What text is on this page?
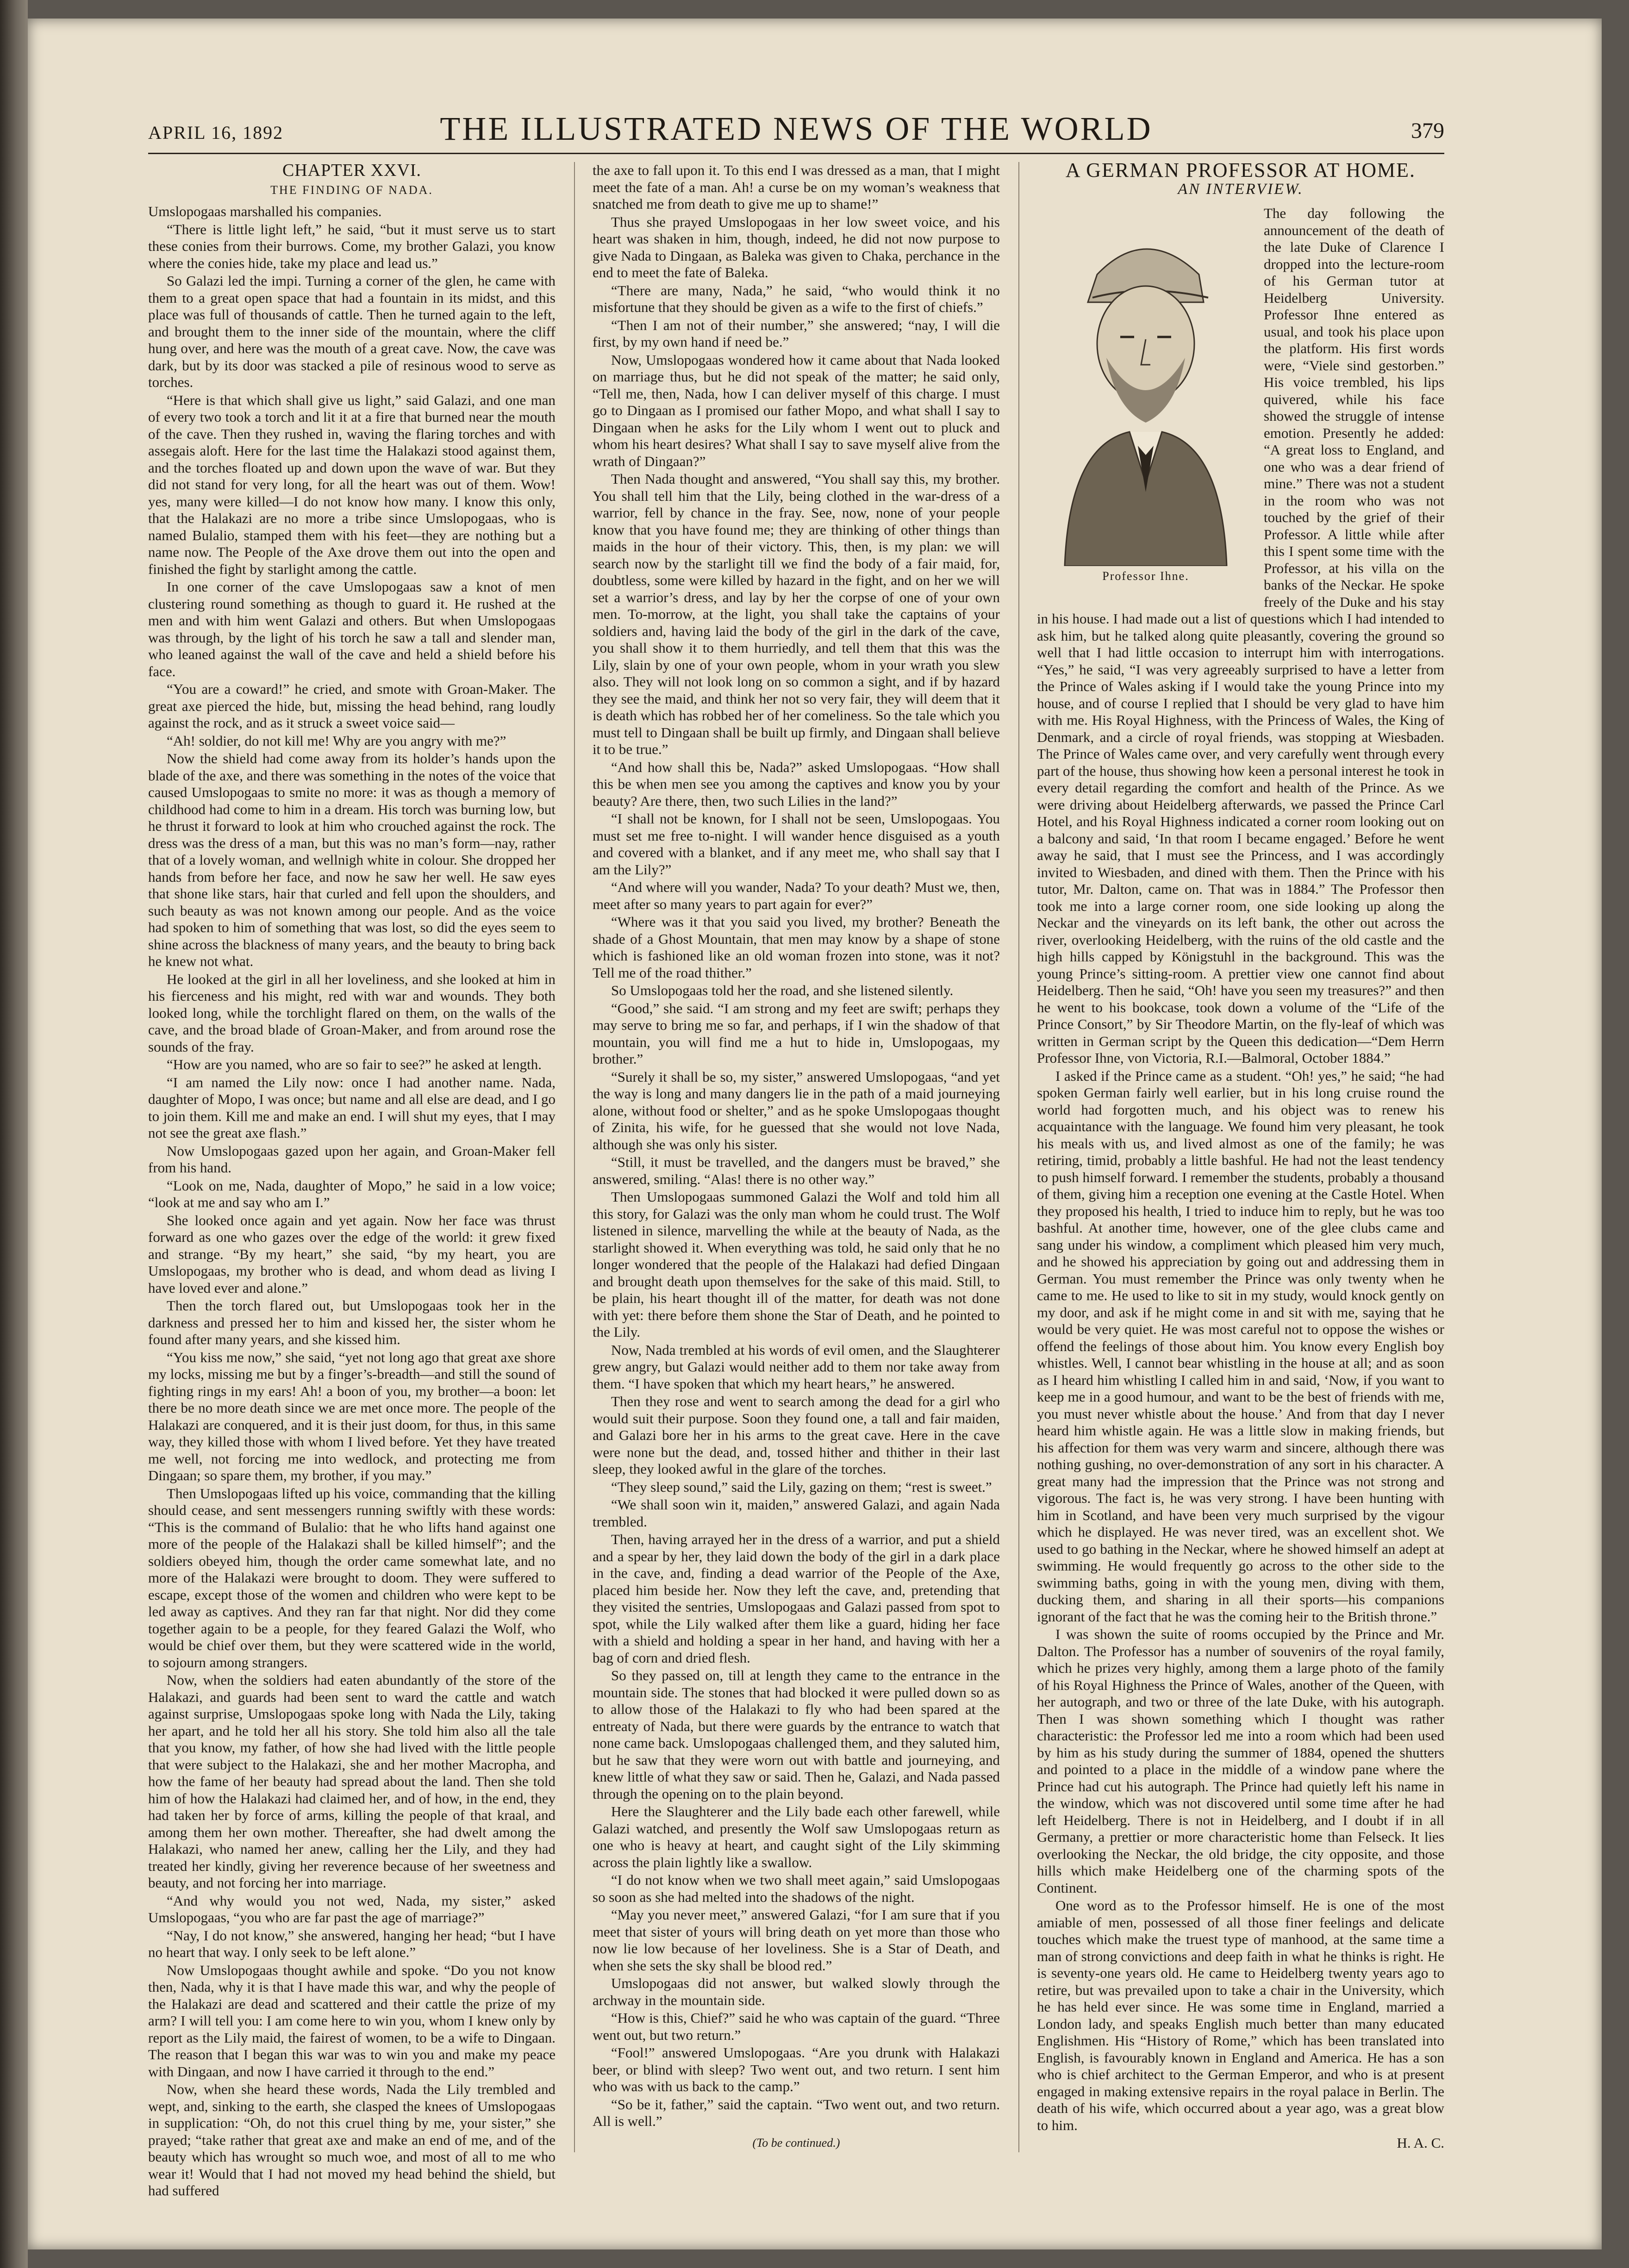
APRIL 16, 1892	THE ILLUSTRATED NEWS OF THE WORLD	379
CHAPTER XXVI.
THE FINDING OF NADA.

Umslopogaas marshalled his companies.

“There is little light left,” he said, “but it must serve us to start these conies from their burrows. Come, my brother Galazi, you know where the conies hide, take my place and lead us.”

So Galazi led the impi. Turning a corner of the glen, he came with them to a great open space that had a fountain in its midst, and this place was full of thousands of cattle. Then he turned again to the left, and brought them to the inner side of the mountain, where the cliff hung over, and here was the mouth of a great cave. Now, the cave was dark, but by its door was stacked a pile of resinous wood to serve as torches.

“Here is that which shall give us light,” said Galazi, and one man of every two took a torch and lit it at a fire that burned near the mouth of the cave. Then they rushed in, waving the flaring torches and with assegais aloft. Here for the last time the Halakazi stood against them, and the torches floated up and down upon the wave of war. But they did not stand for very long, for all the heart was out of them. Wow! yes, many were killed—I do not know how many. I know this only, that the Halakazi are no more a tribe since Umslopogaas, who is named Bulalio, stamped them with his feet—they are nothing but a name now. The People of the Axe drove them out into the open and finished the fight by starlight among the cattle.

In one corner of the cave Umslopogaas saw a knot of men clustering round something as though to guard it. He rushed at the men and with him went Galazi and others. But when Umslopogaas was through, by the light of his torch he saw a tall and slender man, who leaned against the wall of the cave and held a shield before his face.

“You are a coward!” he cried, and smote with Groan-Maker. The great axe pierced the hide, but, missing the head behind, rang loudly against the rock, and as it struck a sweet voice said—

“Ah! soldier, do not kill me! Why are you angry with me?”

Now the shield had come away from its holder’s hands upon the blade of the axe, and there was something in the notes of the voice that caused Umslopogaas to smite no more: it was as though a memory of childhood had come to him in a dream. His torch was burning low, but he thrust it forward to look at him who crouched against the rock. The dress was the dress of a man, but this was no man’s form—nay, rather that of a lovely woman, and wellnigh white in colour. She dropped her hands from before her face, and now he saw her well. He saw eyes that shone like stars, hair that curled and fell upon the shoulders, and such beauty as was not known among our people. And as the voice had spoken to him of something that was lost, so did the eyes seem to shine across the blackness of many years, and the beauty to bring back he knew not what.

He looked at the girl in all her loveliness, and she looked at him in his fierceness and his might, red with war and wounds. They both looked long, while the torchlight flared on them, on the walls of the cave, and the broad blade of Groan-Maker, and from around rose the sounds of the fray.

“How are you named, who are so fair to see?” he asked at length.

“I am named the Lily now: once I had another name. Nada, daughter of Mopo, I was once; but name and all else are dead, and I go to join them. Kill me and make an end. I will shut my eyes, that I may not see the great axe flash.”

Now Umslopogaas gazed upon her again, and Groan-Maker fell from his hand.

“Look on me, Nada, daughter of Mopo,” he said in a low voice; “look at me and say who am I.”

She looked once again and yet again. Now her face was thrust forward as one who gazes over the edge of the world: it grew fixed and strange. “By my heart,” she said, “by my heart, you are Umslopogaas, my brother who is dead, and whom dead as living I have loved ever and alone.”

Then the torch flared out, but Umslopogaas took her in the darkness and pressed her to him and kissed her, the sister whom he found after many years, and she kissed him.

“You kiss me now,” she said, “yet not long ago that great axe shore my locks, missing me but by a finger’s-breadth—and still the sound of fighting rings in my ears! Ah! a boon of you, my brother—a boon: let there be no more death since we are met once more. The people of the Halakazi are conquered, and it is their just doom, for thus, in this same way, they killed those with whom I lived before. Yet they have treated me well, not forcing me into wedlock, and protecting me from Dingaan; so spare them, my brother, if you may.”

Then Umslopogaas lifted up his voice, commanding that the killing should cease, and sent messengers running swiftly with these words: “This is the command of Bulalio: that he who lifts hand against one more of the people of the Halakazi shall be killed himself”; and the soldiers obeyed him, though the order came somewhat late, and no more of the Halakazi were brought to doom. They were suffered to escape, except those of the women and children who were kept to be led away as captives. And they ran far that night. Nor did they come together again to be a people, for they feared Galazi the Wolf, who would be chief over them, but they were scattered wide in the world, to sojourn among strangers.

Now, when the soldiers had eaten abundantly of the store of the Halakazi, and guards had been sent to ward the cattle and watch against surprise, Umslopogaas spoke long with Nada the Lily, taking her apart, and he told her all his story. She told him also all the tale that you know, my father, of how she had lived with the little people that were subject to the Halakazi, she and her mother Macropha, and how the fame of her beauty had spread about the land. Then she told him of how the Halakazi had claimed her, and of how, in the end, they had taken her by force of arms, killing the people of that kraal, and among them her own mother. Thereafter, she had dwelt among the Halakazi, who named her anew, calling her the Lily, and they had treated her kindly, giving her reverence because of her sweetness and beauty, and not forcing her into marriage.

“And why would you not wed, Nada, my sister,” asked Umslopogaas, “you who are far past the age of marriage?”

“Nay, I do not know,” she answered, hanging her head; “but I have no heart that way. I only seek to be left alone.”

Now Umslopogaas thought awhile and spoke. “Do you not know then, Nada, why it is that I have made this war, and why the people of the Halakazi are dead and scattered and their cattle the prize of my arm? I will tell you: I am come here to win you, whom I knew only by report as the Lily maid, the fairest of women, to be a wife to Dingaan. The reason that I began this war was to win you and make my peace with Dingaan, and now I have carried it through to the end.”

Now, when she heard these words, Nada the Lily trembled and wept, and, sinking to the earth, she clasped the knees of Umslopogaas in supplication: “Oh, do not this cruel thing by me, your sister,” she prayed; “take rather that great axe and make an end of me, and of the beauty which has wrought so much woe, and most of all to me who wear it! Would that I had not moved my head behind the shield, but had suffered

the axe to fall upon it. To this end I was dressed as a man, that I might meet the fate of a man. Ah! a curse be on my woman’s weakness that snatched me from death to give me up to shame!”

Thus she prayed Umslopogaas in her low sweet voice, and his heart was shaken in him, though, indeed, he did not now purpose to give Nada to Dingaan, as Baleka was given to Chaka, perchance in the end to meet the fate of Baleka.

“There are many, Nada,” he said, “who would think it no misfortune that they should be given as a wife to the first of chiefs.”

“Then I am not of their number,” she answered; “nay, I will die first, by my own hand if need be.”

Now, Umslopogaas wondered how it came about that Nada looked on marriage thus, but he did not speak of the matter; he said only, “Tell me, then, Nada, how I can deliver myself of this charge. I must go to Dingaan as I promised our father Mopo, and what shall I say to Dingaan when he asks for the Lily whom I went out to pluck and whom his heart desires? What shall I say to save myself alive from the wrath of Dingaan?”

Then Nada thought and answered, “You shall say this, my brother. You shall tell him that the Lily, being clothed in the war-dress of a warrior, fell by chance in the fray. See, now, none of your people know that you have found me; they are thinking of other things than maids in the hour of their victory. This, then, is my plan: we will search now by the starlight till we find the body of a fair maid, for, doubtless, some were killed by hazard in the fight, and on her we will set a warrior’s dress, and lay by her the corpse of one of your own men. To-morrow, at the light, you shall take the captains of your soldiers and, having laid the body of the girl in the dark of the cave, you shall show it to them hurriedly, and tell them that this was the Lily, slain by one of your own people, whom in your wrath you slew also. They will not look long on so common a sight, and if by hazard they see the maid, and think her not so very fair, they will deem that it is death which has robbed her of her comeliness. So the tale which you must tell to Dingaan shall be built up firmly, and Dingaan shall believe it to be true.”

“And how shall this be, Nada?” asked Umslopogaas. “How shall this be when men see you among the captives and know you by your beauty? Are there, then, two such Lilies in the land?”

“I shall not be known, for I shall not be seen, Umslopogaas. You must set me free to-night. I will wander hence disguised as a youth and covered with a blanket, and if any meet me, who shall say that I am the Lily?”

“And where will you wander, Nada? To your death? Must we, then, meet after so many years to part again for ever?”

“Where was it that you said you lived, my brother? Beneath the shade of a Ghost Mountain, that men may know by a shape of stone which is fashioned like an old woman frozen into stone, was it not? Tell me of the road thither.”

So Umslopogaas told her the road, and she listened silently.

“Good,” she said. “I am strong and my feet are swift; perhaps they may serve to bring me so far, and perhaps, if I win the shadow of that mountain, you will find me a hut to hide in, Umslopogaas, my brother.”

“Surely it shall be so, my sister,” answered Umslopogaas, “and yet the way is long and many dangers lie in the path of a maid journeying alone, without food or shelter,” and as he spoke Umslopogaas thought of Zinita, his wife, for he guessed that she would not love Nada, although she was only his sister.

“Still, it must be travelled, and the dangers must be braved,” she answered, smiling. “Alas! there is no other way.”

Then Umslopogaas summoned Galazi the Wolf and told him all this story, for Galazi was the only man whom he could trust. The Wolf listened in silence, marvelling the while at the beauty of Nada, as the starlight showed it. When everything was told, he said only that he no longer wondered that the people of the Halakazi had defied Dingaan and brought death upon themselves for the sake of this maid. Still, to be plain, his heart thought ill of the matter, for death was not done with yet: there before them shone the Star of Death, and he pointed to the Lily.

Now, Nada trembled at his words of evil omen, and the Slaughterer grew angry, but Galazi would neither add to them nor take away from them. “I have spoken that which my heart hears,” he answered.

Then they rose and went to search among the dead for a girl who would suit their purpose. Soon they found one, a tall and fair maiden, and Galazi bore her in his arms to the great cave. Here in the cave were none but the dead, and, tossed hither and thither in their last sleep, they looked awful in the glare of the torches.

“They sleep sound,” said the Lily, gazing on them; “rest is sweet.”

“We shall soon win it, maiden,” answered Galazi, and again Nada trembled.

Then, having arrayed her in the dress of a warrior, and put a shield and a spear by her, they laid down the body of the girl in a dark place in the cave, and, finding a dead warrior of the People of the Axe, placed him beside her. Now they left the cave, and, pretending that they visited the sentries, Umslopogaas and Galazi passed from spot to spot, while the Lily walked after them like a guard, hiding her face with a shield and holding a spear in her hand, and having with her a bag of corn and dried flesh.

So they passed on, till at length they came to the entrance in the mountain side. The stones that had blocked it were pulled down so as to allow those of the Halakazi to fly who had been spared at the entreaty of Nada, but there were guards by the entrance to watch that none came back. Umslopogaas challenged them, and they saluted him, but he saw that they were worn out with battle and journeying, and knew little of what they saw or said. Then he, Galazi, and Nada passed through the opening on to the plain beyond.

Here the Slaughterer and the Lily bade each other farewell, while Galazi watched, and presently the Wolf saw Umslopogaas return as one who is heavy at heart, and caught sight of the Lily skimming across the plain lightly like a swallow.

“I do not know when we two shall meet again,” said Umslopogaas so soon as she had melted into the shadows of the night.

“May you never meet,” answered Galazi, “for I am sure that if you meet that sister of yours will bring death on yet more than those who now lie low because of her loveliness. She is a Star of Death, and when she sets the sky shall be blood red.”

Umslopogaas did not answer, but walked slowly through the archway in the mountain side.

“How is this, Chief?” said he who was captain of the guard. “Three went out, but two return.”

“Fool!” answered Umslopogaas. “Are you drunk with Halakazi beer, or blind with sleep? Two went out, and two return. I sent him who was with us back to the camp.”

“So be it, father,” said the captain. “Two went out, and two return. All is well.”

(To be continued.)
A GERMAN PROFESSOR AT HOME.
AN INTERVIEW.
Professor Ihne.

The day following the announcement of the death of the late Duke of Clarence I dropped into the lecture-room of his German tutor at Heidelberg University. Professor Ihne entered as usual, and took his place upon the platform. His first words were, “Viele sind gestorben.” His voice trembled, his lips quivered, while his face showed the struggle of intense emotion. Presently he added: “A great loss to England, and one who was a dear friend of mine.” There was not a student in the room who was not touched by the grief of their Professor. A little while after this I spent some time with the Professor, at his villa on the banks of the Neckar. He spoke freely of the Duke and his stay in his house. I had made out a list of questions which I had intended to ask him, but he talked along quite pleasantly, covering the ground so well that I had little occasion to interrupt him with interrogations. “Yes,” he said, “I was very agreeably surprised to have a letter from the Prince of Wales asking if I would take the young Prince into my house, and of course I replied that I should be very glad to have him with me. His Royal Highness, with the Princess of Wales, the King of Denmark, and a circle of royal friends, was stopping at Wiesbaden. The Prince of Wales came over, and very carefully went through every part of the house, thus showing how keen a personal interest he took in every detail regarding the comfort and health of the Prince. As we were driving about Heidelberg afterwards, we passed the Prince Carl Hotel, and his Royal Highness indicated a corner room looking out on a balcony and said, ‘In that room I became engaged.’ Before he went away he said, that I must see the Princess, and I was accordingly invited to Wiesbaden, and dined with them. Then the Prince with his tutor, Mr. Dalton, came on. That was in 1884.” The Professor then took me into a large corner room, one side looking up along the Neckar and the vineyards on its left bank, the other out across the river, overlooking Heidelberg, with the ruins of the old castle and the high hills capped by Königstuhl in the background. This was the young Prince’s sitting-room. A prettier view one cannot find about Heidelberg. Then he said, “Oh! have you seen my treasures?” and then he went to his bookcase, took down a volume of the “Life of the Prince Consort,” by Sir Theodore Martin, on the fly-leaf of which was written in German script by the Queen this dedication—“Dem Herrn Professor Ihne, von Victoria, R.I.—Balmoral, October 1884.”

I asked if the Prince came as a student. “Oh! yes,” he said; “he had spoken German fairly well earlier, but in his long cruise round the world had forgotten much, and his object was to renew his acquaintance with the language. We found him very pleasant, he took his meals with us, and lived almost as one of the family; he was retiring, timid, probably a little bashful. He had not the least tendency to push himself forward. I remember the students, probably a thousand of them, giving him a reception one evening at the Castle Hotel. When they proposed his health, I tried to induce him to reply, but he was too bashful. At another time, however, one of the glee clubs came and sang under his window, a compliment which pleased him very much, and he showed his appreciation by going out and addressing them in German. You must remember the Prince was only twenty when he came to me. He used to like to sit in my study, would knock gently on my door, and ask if he might come in and sit with me, saying that he would be very quiet. He was most careful not to oppose the wishes or offend the feelings of those about him. You know every English boy whistles. Well, I cannot bear whistling in the house at all; and as soon as I heard him whistling I called him in and said, ‘Now, if you want to keep me in a good humour, and want to be the best of friends with me, you must never whistle about the house.’ And from that day I never heard him whistle again. He was a little slow in making friends, but his affection for them was very warm and sincere, although there was nothing gushing, no over-demonstration of any sort in his character. A great many had the impression that the Prince was not strong and vigorous. The fact is, he was very strong. I have been hunting with him in Scotland, and have been very much surprised by the vigour which he displayed. He was never tired, was an excellent shot. We used to go bathing in the Neckar, where he showed himself an adept at swimming. He would frequently go across to the other side to the swimming baths, going in with the young men, diving with them, ducking them, and sharing in all their sports—his companions ignorant of the fact that he was the coming heir to the British throne.”

I was shown the suite of rooms occupied by the Prince and Mr. Dalton. The Professor has a number of souvenirs of the royal family, which he prizes very highly, among them a large photo of the family of his Royal Highness the Prince of Wales, another of the Queen, with her autograph, and two or three of the late Duke, with his autograph. Then I was shown something which I thought was rather characteristic: the Professor led me into a room which had been used by him as his study during the summer of 1884, opened the shutters and pointed to a place in the middle of a window pane where the Prince had cut his autograph. The Prince had quietly left his name in the window, which was not discovered until some time after he had left Heidelberg. There is not in Heidelberg, and I doubt if in all Germany, a prettier or more characteristic home than Felseck. It lies overlooking the Neckar, the old bridge, the city opposite, and those hills which make Heidelberg one of the charming spots of the Continent.

One word as to the Professor himself. He is one of the most amiable of men, possessed of all those finer feelings and delicate touches which make the truest type of manhood, at the same time a man of strong convictions and deep faith in what he thinks is right. He is seventy-one years old. He came to Heidelberg twenty years ago to retire, but was prevailed upon to take a chair in the University, which he has held ever since. He was some time in England, married a London lady, and speaks English much better than many educated Englishmen. His “History of Rome,” which has been translated into English, is favourably known in England and America. He has a son who is chief architect to the German Emperor, and who is at present engaged in making extensive repairs in the royal palace in Berlin. The death of his wife, which occurred about a year ago, was a great blow to him.

H. A. C.
